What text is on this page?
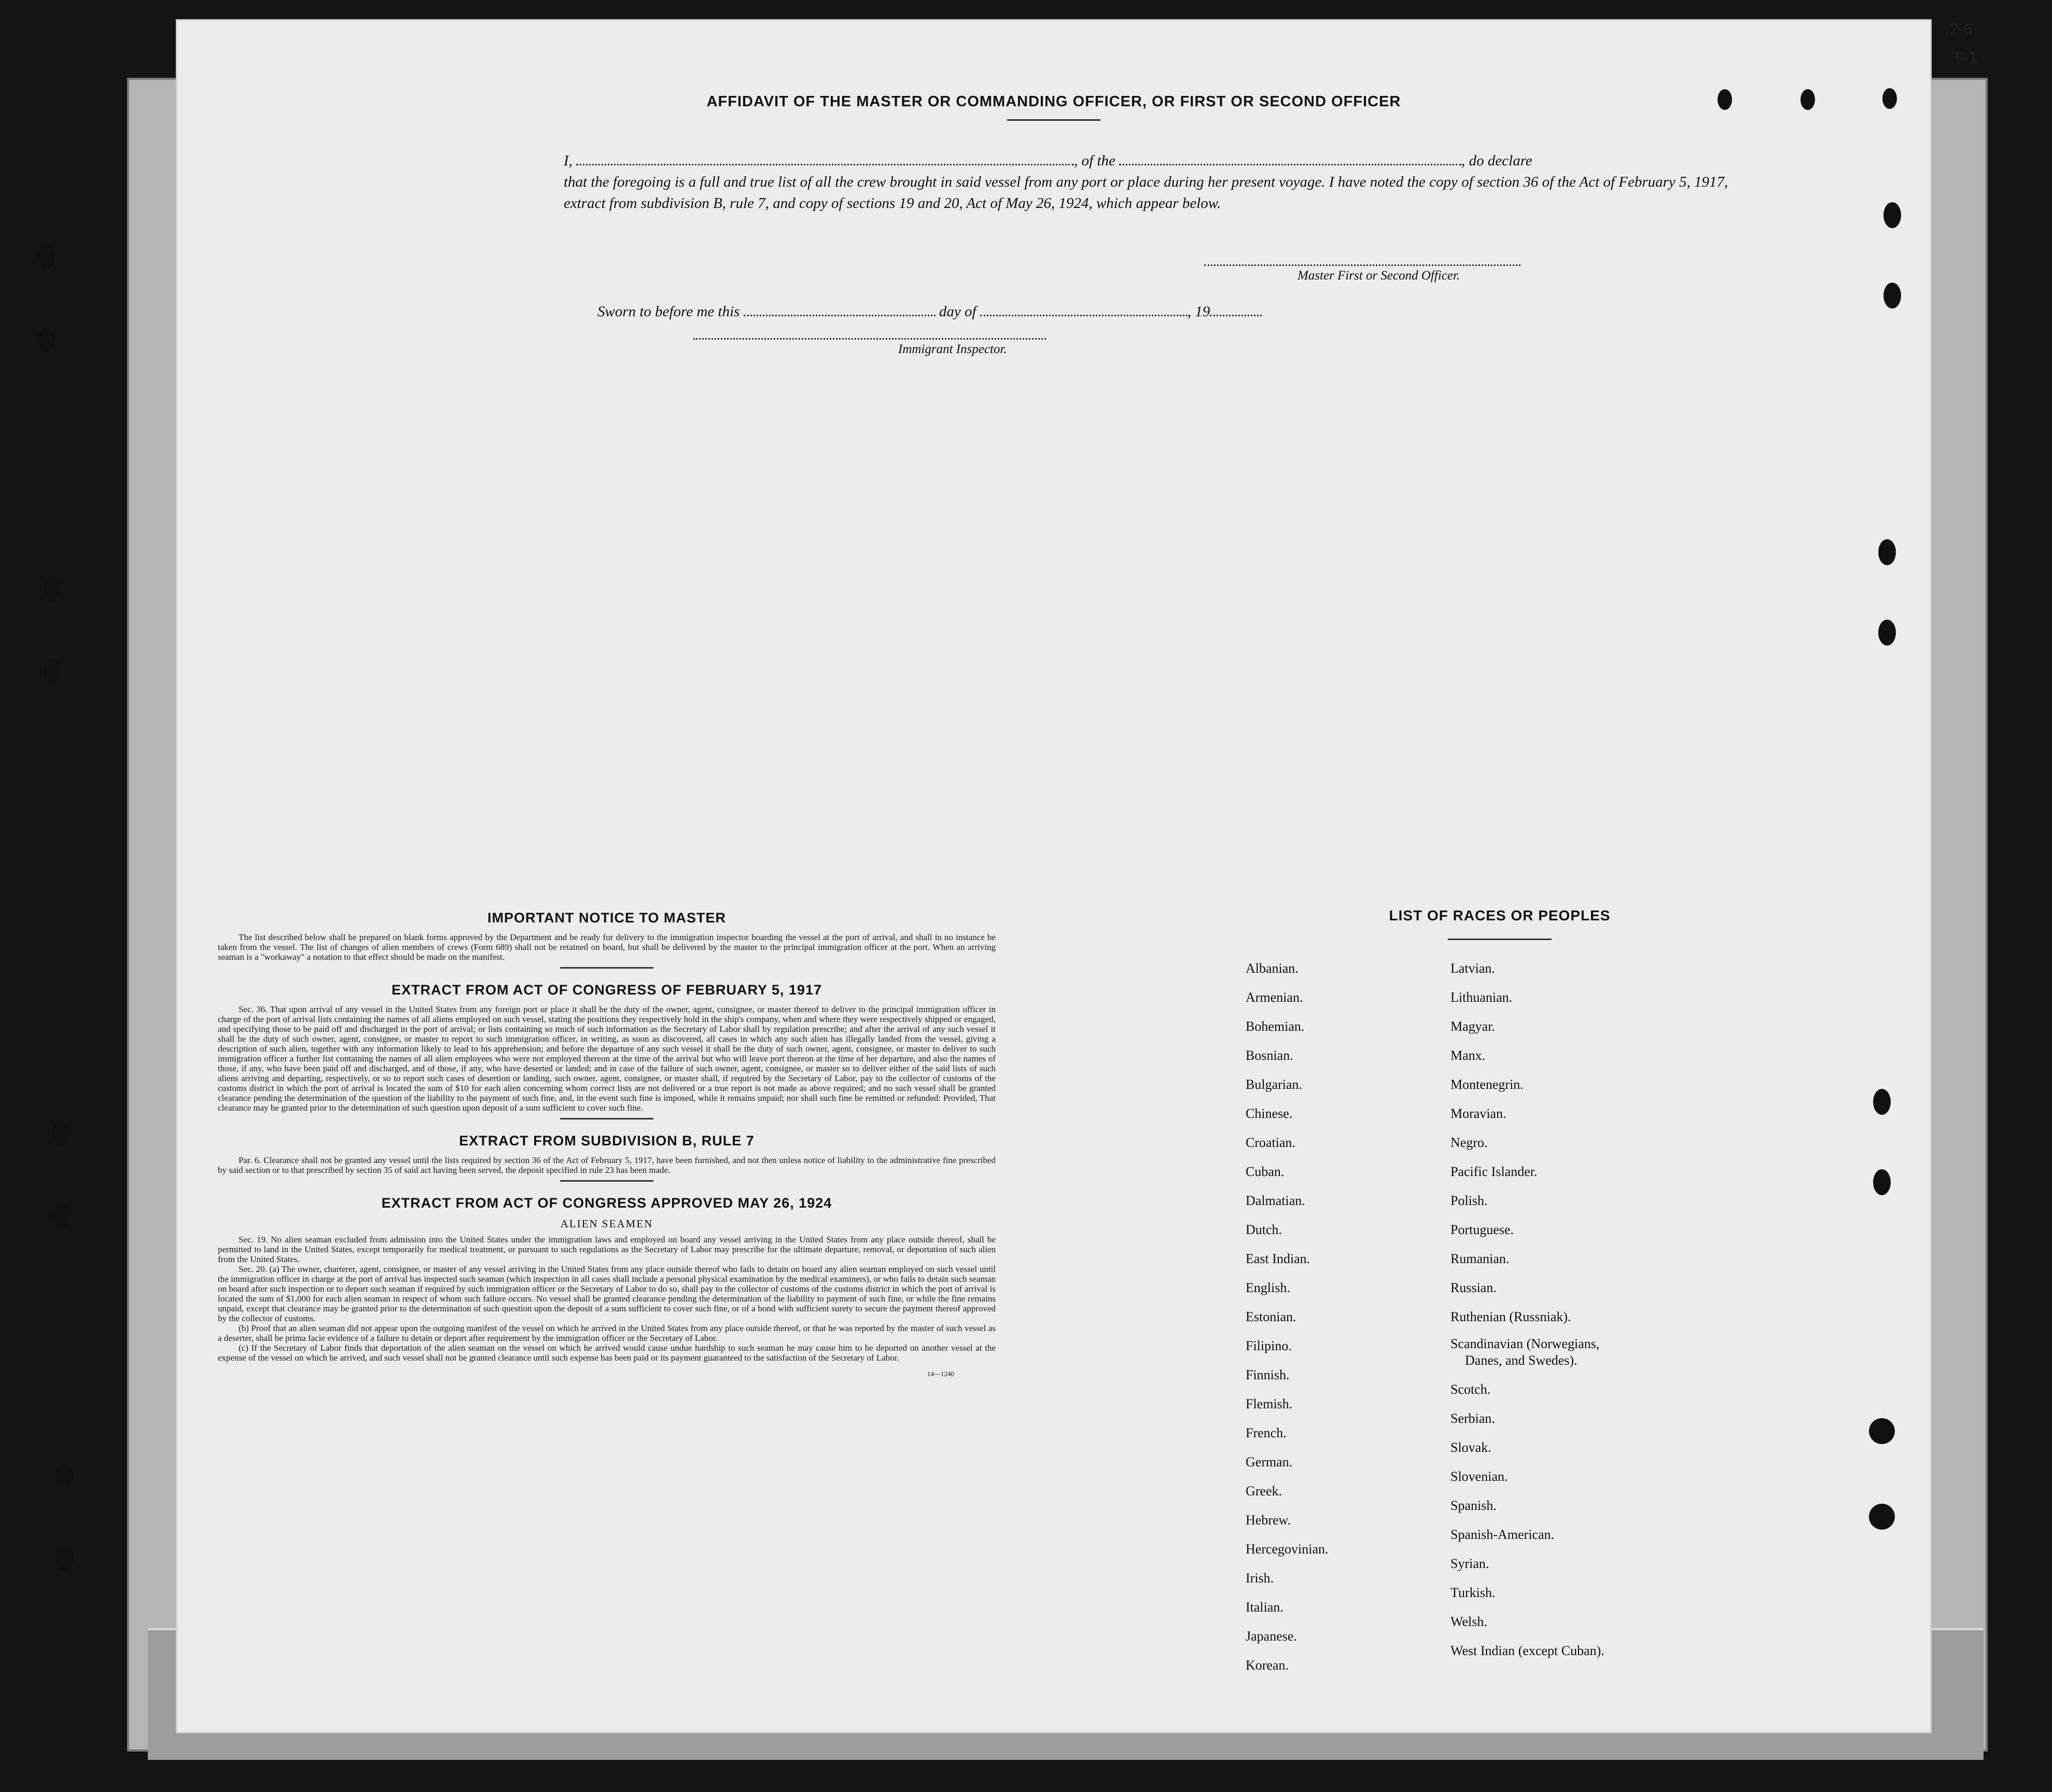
2-6
5-1
AFFIDAVIT OF THE MASTER OR COMMANDING OFFICER, OR FIRST OR SECOND OFFICER
I,	, of the	, do declare
that the foregoing is a full and true list of all the crew brought in said vessel from any port or place during her present voyage. I have noted the copy of section 36 of the Act of February 5, 1917, extract from subdivision B, rule 7, and copy of sections 19 and 20, Act of May 26, 1924, which appear below.
Master First or Second Officer.
Sworn to before me this	day of	, 19
Immigrant Inspector.
IMPORTANT NOTICE TO MASTER

The list described below shall be prepared on blank forms approved by the Department and be ready for delivery to the immigration inspector boarding the vessel at the port of arrival, and shall in no instance be taken from the vessel. The list of changes of alien members of crews (Form 689) shall not be retained on board, but shall be delivered by the master to the principal immigration officer at the port. When an arriving seaman is a "workaway" a notation to that effect should be made on the manifest.

EXTRACT FROM ACT OF CONGRESS OF FEBRUARY 5, 1917

Sec. 36. That upon arrival of any vessel in the United States from any foreign port or place it shall be the duty of the owner, agent, consignee, or master thereof to deliver to the principal immigration officer in charge of the port of arrival lists containing the names of all aliens employed on such vessel, stating the positions they respectively hold in the ship's company, when and where they were respectively shipped or engaged, and specifying those to be paid off and discharged in the port of arrival; or lists containing so much of such information as the Secretary of Labor shall by regulation prescribe; and after the arrival of any such vessel it shall be the duty of such owner, agent, consignee, or master to report to such immigration officer, in writing, as soon as discovered, all cases in which any such alien has illegally landed from the vessel, giving a description of such alien, together with any information likely to lead to his apprehension; and before the departure of any such vessel it shall be the duty of such owner, agent, consignee, or master to deliver to such immigration officer a further list containing the names of all alien employees who were not employed thereon at the time of the arrival but who will leave port thereon at the time of her departure, and also the names of those, if any, who have been paid off and discharged, and of those, if any, who have deserted or landed; and in case of the failure of such owner, agent, consignee, or master so to deliver either of the said lists of such aliens arriving and departing, respectively, or so to report such cases of desertion or landing, such owner, agent, consignee, or master shall, if required by the Secretary of Labor, pay to the collector of customs of the customs district in which the port of arrival is located the sum of $10 for each alien concerning whom correct lists are not delivered or a true report is not made as above required; and no such vessel shall be granted clearance pending the determination of the question of the liability to the payment of such fine, and, in the event such fine is imposed, while it remains unpaid; nor shall such fine be remitted or refunded: Provided, That clearance may be granted prior to the determination of such question upon deposit of a sum sufficient to cover such fine.

EXTRACT FROM SUBDIVISION B, RULE 7

Par. 6. Clearance shall not be granted any vessel until the lists required by section 36 of the Act of February 5, 1917, have been furnished, and not then unless notice of liability to the administrative fine prescribed by said section or to that prescribed by section 35 of said act having been served, the deposit specified in rule 23 has been made.

EXTRACT FROM ACT OF CONGRESS APPROVED MAY 26, 1924
ALIEN SEAMEN

Sec. 19. No alien seaman excluded from admission into the United States under the immigration laws and employed on board any vessel arriving in the United States from any place outside thereof, shall be permitted to land in the United States, except temporarily for medical treatment, or pursuant to such regulations as the Secretary of Labor may prescribe for the ultimate departure, removal, or deportation of such alien from the United States.

Sec. 20. (a) The owner, charterer, agent, consignee, or master of any vessel arriving in the United States from any place outside thereof who fails to detain on board any alien seaman employed on such vessel until the immigration officer in charge at the port of arrival has inspected such seaman (which inspection in all cases shall include a personal physical examination by the medical examiners), or who fails to detain such seaman on board after such inspection or to deport such seaman if required by such immigration officer or the Secretary of Labor to do so, shall pay to the collector of customs of the customs district in which the port of arrival is located the sum of $1,000 for each alien seaman in respect of whom such failure occurs. No vessel shall be granted clearance pending the determination of the liability to payment of such fine, or while the fine remains unpaid, except that clearance may be granted prior to the determination of such question upon the deposit of a sum sufficient to cover such fine, or of a bond with sufficient surety to secure the payment thereof approved by the collector of customs.

(b) Proof that an alien seaman did not appear upon the outgoing manifest of the vessel on which he arrived in the United States from any place outside thereof, or that he was reported by the master of such vessel as a deserter, shall be prima facie evidence of a failure to detain or deport after requirement by the immigration officer or the Secretary of Labor.

(c) If the Secretary of Labor finds that deportation of the alien seaman on the vessel on which he arrived would cause undue hardship to such seaman he may cause him to be deported on another vessel at the expense of the vessel on which he arrived, and such vessel shall not be granted clearance until such expense has been paid or its payment guaranteed to the satisfaction of the Secretary of Labor.

14—1240
LIST OF RACES OR PEOPLES
Albanian.
Armenian.
Bohemian.
Bosnian.
Bulgarian.
Chinese.
Croatian.
Cuban.
Dalmatian.
Dutch.
East Indian.
English.
Estonian.
Filipino.
Finnish.
Flemish.
French.
German.
Greek.
Hebrew.
Hercegovinian.
Irish.
Italian.
Japanese.
Korean.
Latvian.
Lithuanian.
Magyar.
Manx.
Montenegrin.
Moravian.
Negro.
Pacific Islander.
Polish.
Portuguese.
Rumanian.
Russian.
Ruthenian (Russniak).
Scandinavian (Norwegians,
Danes, and Swedes).
Scotch.
Serbian.
Slovak.
Slovenian.
Spanish.
Spanish-American.
Syrian.
Turkish.
Welsh.
West Indian (except Cuban).
